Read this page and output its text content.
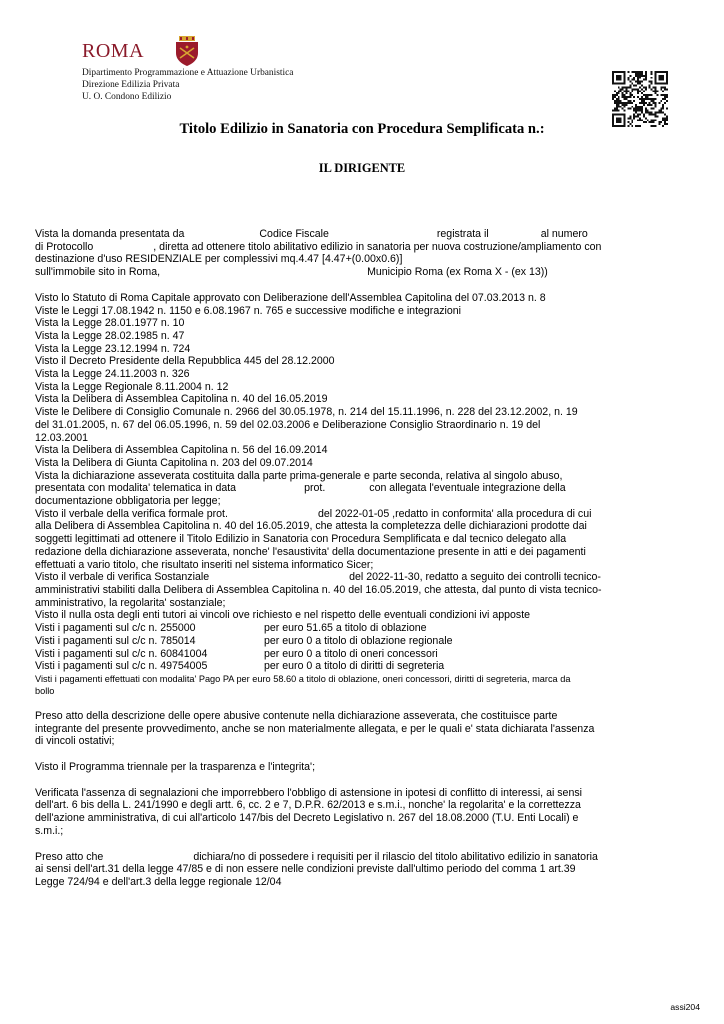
ROMA
Dipartimento Programmazione e Attuazione Urbanistica
Direzione Edilizia Privata
U. O. Condono Edilizio
Titolo Edilizio in Sanatoria con Procedura Semplificata n.:
IL DIRIGENTE

Vista la domanda presentata da	Codice Fiscale	registrata il	al numero

di Protocollo	, diretta ad ottenere titolo abilitativo edilizio in sanatoria per nuova costruzione/ampliamento con

destinazione d'uso RESIDENZIALE per complessivi mq.4.47 [4.47+(0.00x0.6)]

sull'immobile sito in Roma,	Municipio Roma (ex Roma X - (ex 13))

Visto lo Statuto di Roma Capitale approvato con Deliberazione dell'Assemblea Capitolina del 07.03.2013 n. 8

Viste le Leggi 17.08.1942 n. 1150 e 6.08.1967 n. 765 e successive modifiche e integrazioni

Vista la Legge 28.01.1977 n. 10

Vista la Legge 28.02.1985 n. 47

Vista la Legge 23.12.1994 n. 724

Visto il Decreto Presidente della Repubblica 445 del 28.12.2000

Vista la Legge 24.11.2003 n. 326

Vista la Legge Regionale 8.11.2004 n. 12

Vista la Delibera di Assemblea Capitolina n. 40 del 16.05.2019

Viste le Delibere di Consiglio Comunale n. 2966 del 30.05.1978, n. 214 del 15.11.1996, n. 228 del 23.12.2002, n. 19

del 31.01.2005, n. 67 del 06.05.1996, n. 59 del 02.03.2006 e Deliberazione Consiglio Straordinario n. 19 del

12.03.2001

Vista la Delibera di Assemblea Capitolina n. 56 del 16.09.2014

Vista la Delibera di Giunta Capitolina n. 203 del 09.07.2014

Vista la dichiarazione asseverata costituita dalla parte prima-generale e parte seconda, relativa al singolo abuso,

presentata con modalita' telematica in data	prot.	con allegata l'eventuale integrazione della

documentazione obbligatoria per legge;

Visto il verbale della verifica formale prot.	del 2022-01-05 ,redatto in conformita' alla procedura di cui

alla Delibera di Assemblea Capitolina n. 40 del 16.05.2019, che attesta la completezza delle dichiarazioni prodotte dai

soggetti legittimati ad ottenere il Titolo Edilizio in Sanatoria con Procedura Semplificata e dal tecnico delegato alla

redazione della dichiarazione asseverata, nonche' l'esaustivita' della documentazione presente in atti e dei pagamenti

effettuati a vario titolo, che risultato inseriti nel sistema informatico Sicer;

Visto il verbale di verifica Sostanziale	del 2022-11-30, redatto a seguito dei controlli tecnico-

amministrativi stabiliti dalla Delibera di Assemblea Capitolina n. 40 del 16.05.2019, che attesta, dal punto di vista tecnico-

amministrativo, la regolarita' sostanziale;

Visto il nulla osta degli enti tutori ai vincoli ove richiesto e nel rispetto delle eventuali condizioni ivi apposte

Visti i pagamenti sul c/c n. 255000	per euro 51.65 a titolo di oblazione
Visti i pagamenti sul c/c n. 785014	per euro 0 a titolo di oblazione regionale
Visti i pagamenti sul c/c n. 60841004	per euro 0 a titolo di oneri concessori
Visti i pagamenti sul c/c n. 49754005	per euro 0 a titolo di diritti di segreteria

Visti i pagamenti effettuati con modalita' Pago PA per euro 58.60 a titolo di oblazione, oneri concessori, diritti di segreteria, marca da

bollo

Preso atto della descrizione delle opere abusive contenute nella dichiarazione asseverata, che costituisce parte

integrante del presente provvedimento, anche se non materialmente allegata, e per le quali e' stata dichiarata l'assenza

di vincoli ostativi;

Visto il Programma triennale per la trasparenza e l'integrita';

Verificata l'assenza di segnalazioni che imporrebbero l'obbligo di astensione in ipotesi di conflitto di interessi, ai sensi

dell'art. 6 bis della L. 241/1990 e degli artt. 6, cc. 2 e 7, D.P.R. 62/2013 e s.m.i., nonche' la regolarita' e la correttezza

dell'azione amministrativa, di cui all'articolo 147/bis del Decreto Legislativo n. 267 del 18.08.2000 (T.U. Enti Locali) e

s.m.i.;

Preso atto che	dichiara/no di possedere i requisiti per il rilascio del titolo abilitativo edilizio in sanatoria

ai sensi dell'art.31 della legge 47/85 e di non essere nelle condizioni previste dall'ultimo periodo del comma 1 art.39

Legge 724/94 e dell'art.3 della legge regionale 12/04

assi204
